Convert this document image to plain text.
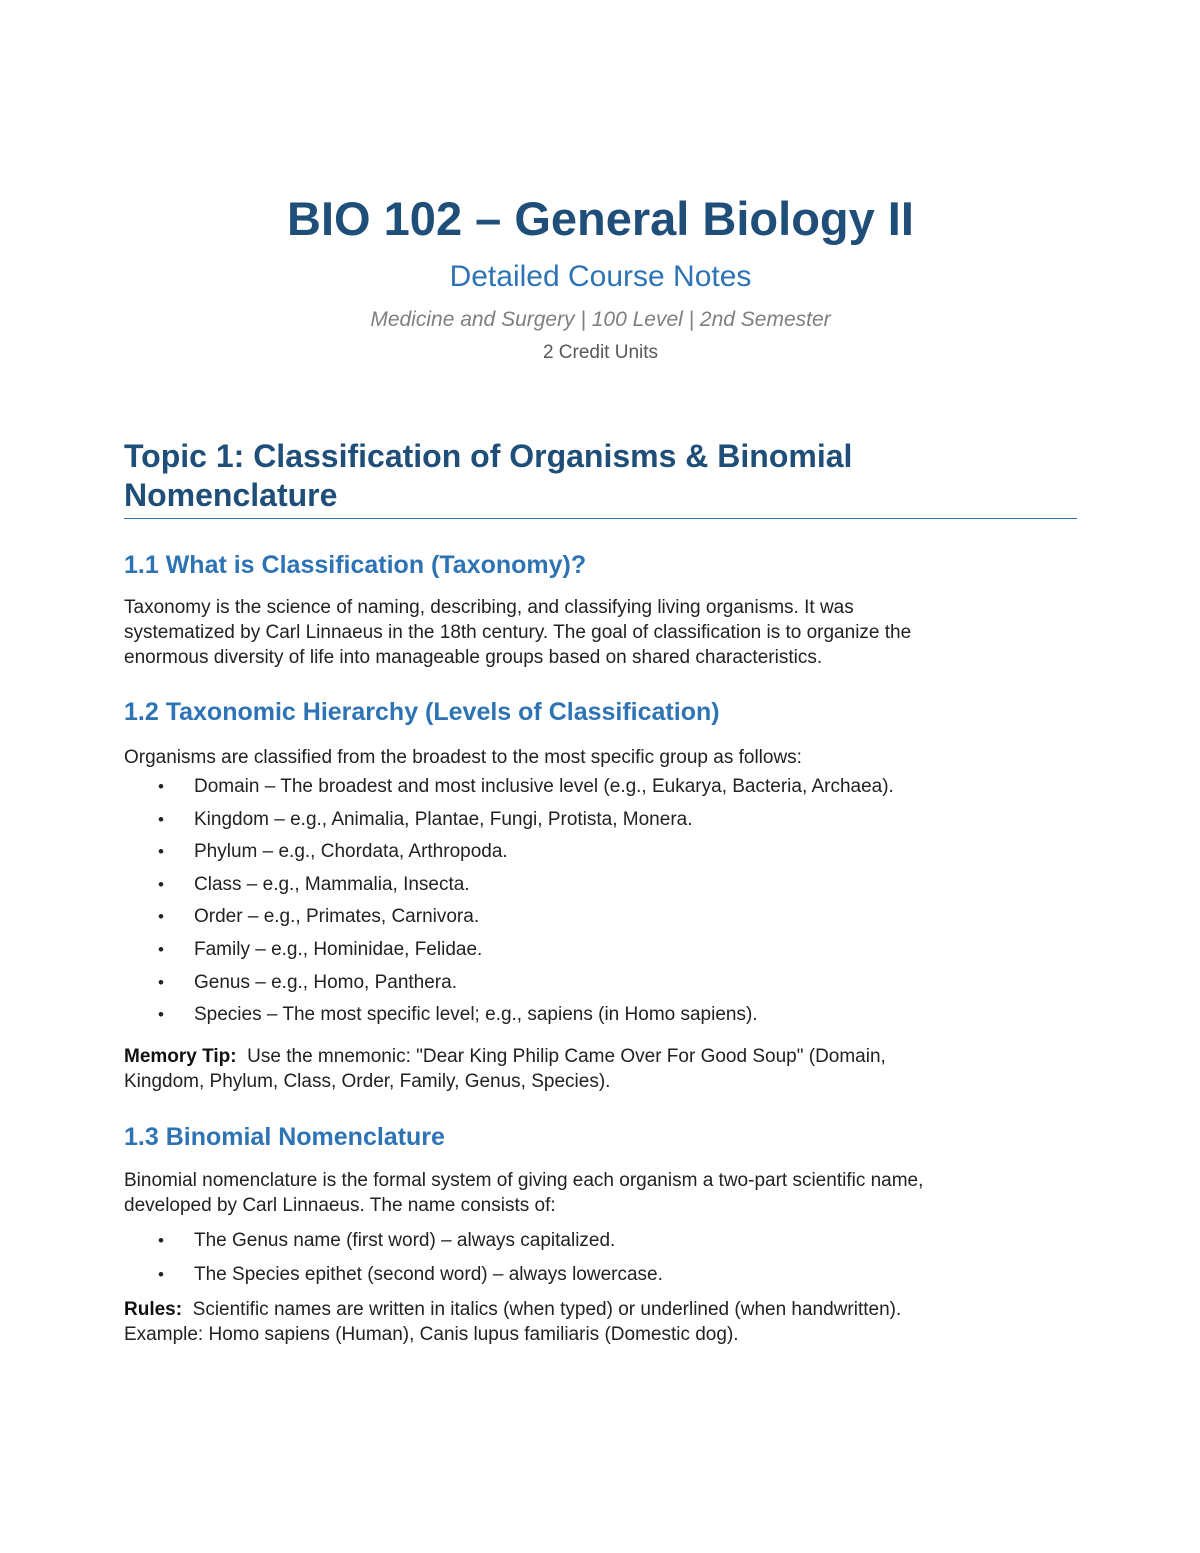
BIO 102 – General Biology II
Detailed Course Notes
Medicine and Surgery | 100 Level | 2nd Semester
2 Credit Units
Topic 1: Classification of Organisms & Binomial
Nomenclature
1.1 What is Classification (Taxonomy)?

Taxonomy is the science of naming, describing, and classifying living organisms. It was
systematized by Carl Linnaeus in the 18th century. The goal of classification is to organize the
enormous diversity of life into manageable groups based on shared characteristics.

1.2 Taxonomic Hierarchy (Levels of Classification)

Organisms are classified from the broadest to the most specific group as follows:

• Domain – The broadest and most inclusive level (e.g., Eukarya, Bacteria, Archaea).
• Kingdom – e.g., Animalia, Plantae, Fungi, Protista, Monera.
• Phylum – e.g., Chordata, Arthropoda.
• Class – e.g., Mammalia, Insecta.
• Order – e.g., Primates, Carnivora.
• Family – e.g., Hominidae, Felidae.
• Genus – e.g., Homo, Panthera.
• Species – The most specific level; e.g., sapiens (in Homo sapiens).

Memory Tip: Use the mnemonic: "Dear King Philip Came Over For Good Soup" (Domain,
Kingdom, Phylum, Class, Order, Family, Genus, Species).

1.3 Binomial Nomenclature

Binomial nomenclature is the formal system of giving each organism a two-part scientific name,
developed by Carl Linnaeus. The name consists of:

• The Genus name (first word) – always capitalized.
• The Species epithet (second word) – always lowercase.

Rules: Scientific names are written in italics (when typed) or underlined (when handwritten).
Example: Homo sapiens (Human), Canis lupus familiaris (Domestic dog).
